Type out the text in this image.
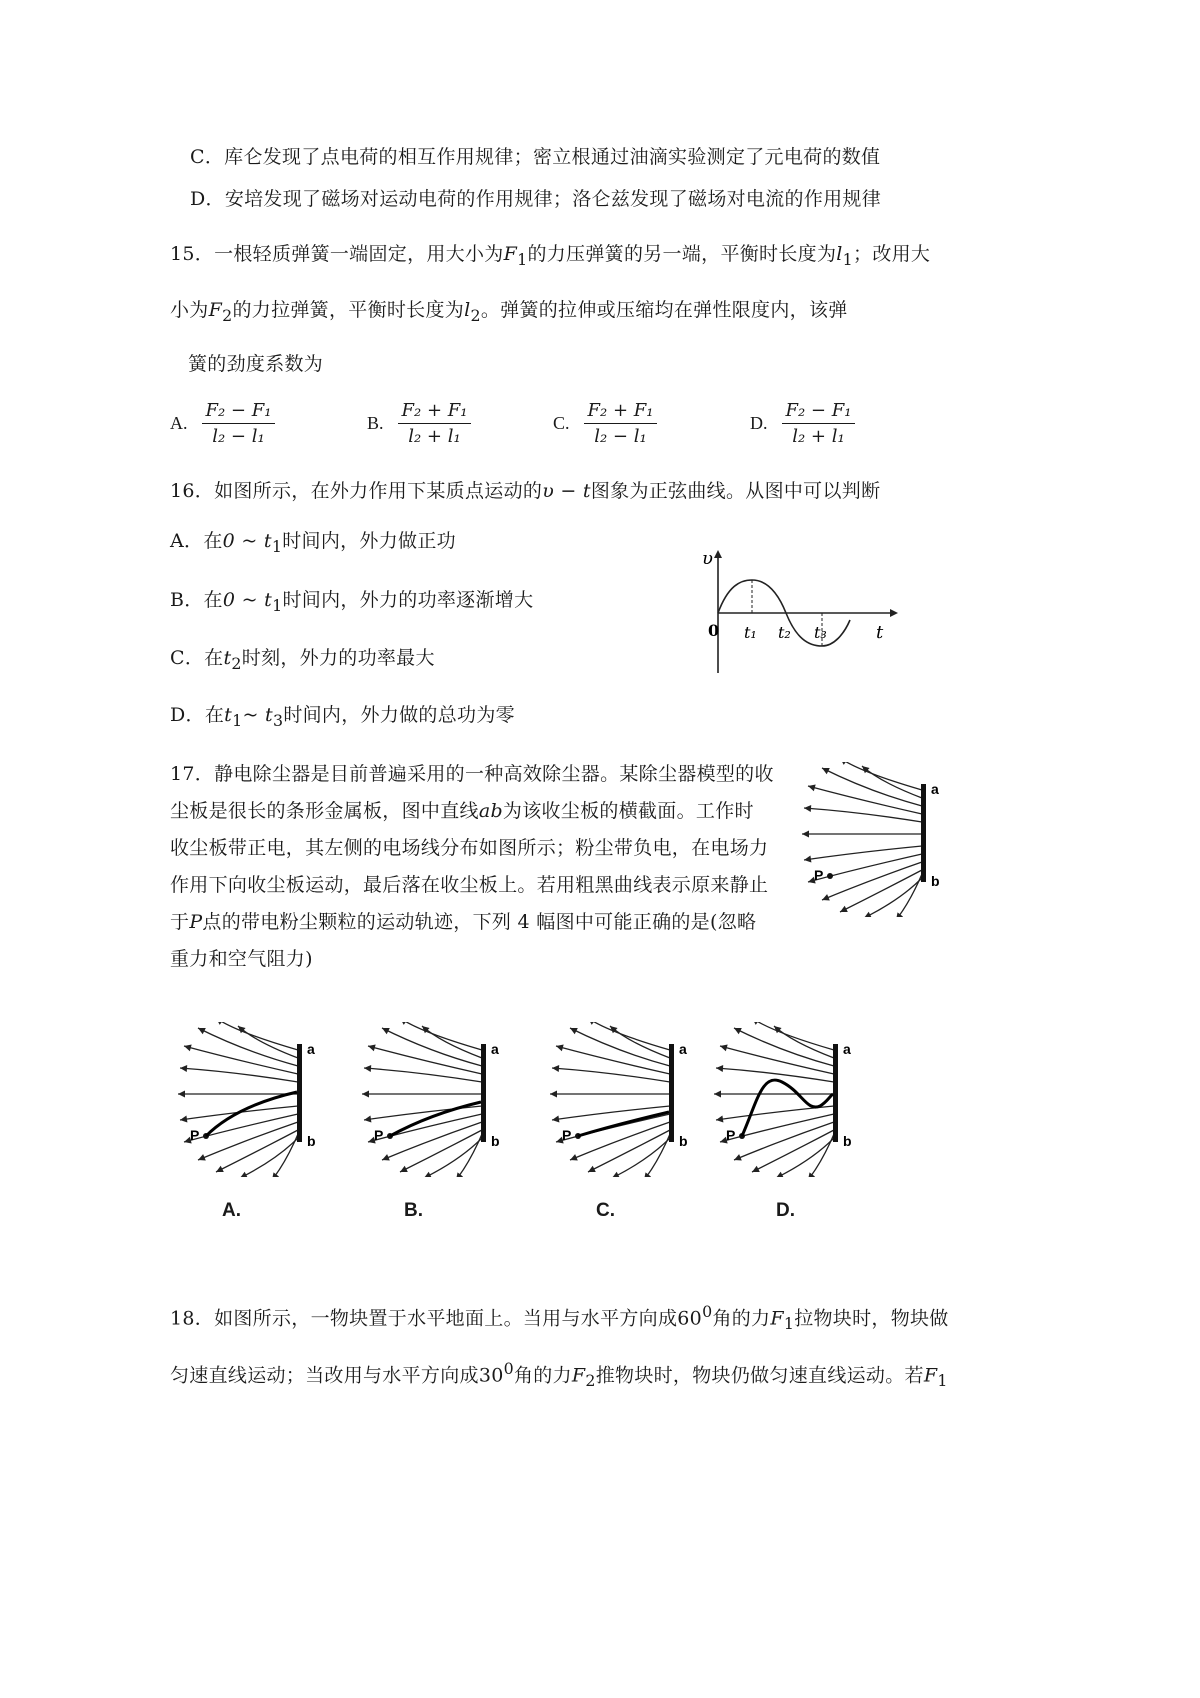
C．库仑发现了点电荷的相互作用规律；密立根通过油滴实验测定了元电荷的数值
D．安培发现了磁场对运动电荷的作用规律；洛仑兹发现了磁场对电流的作用规律
15．一根轻质弹簧一端固定，用大小为$F_1$的力压弹簧的另一端，平衡时长度为$l_1$；改用大
小为$F_2$的力拉弹簧，平衡时长度为$l_2$。弹簧的拉伸或压缩均在弹性限度内，该弹
簧的劲度系数为
A. $\frac{\text{F₂ − F₁}}{\text{l₂ − l₁}}$	B. $\frac{\text{F₂ + F₁}}{\text{l₂ + l₁}}$	C. $\frac{\text{F₂ + F₁}}{\text{l₂ − l₁}}$	D. $\frac{\text{F₂ − F₁}}{\text{l₂ + l₁}}$
16．如图所示，在外力作用下某质点运动的υ − t图象为正弦曲线。从图中可以判断
A．在0 ~ $t_1$时间内，外力做正功
B．在0 ~ $t_1$时间内，外力的功率逐渐增大
C．在$t_2$时刻，外力的功率最大
D．在$t_1\sim$ $t_3$时间内，外力做的总功为零
υ
0 t₁ t₂ t₃	t
17．静电除尘器是目前普遍采用的一种高效除尘器。某除尘器模型的收
尘板是很长的条形金属板，图中直线ab为该收尘板的横截面。工作时
收尘板带正电，其左侧的电场线分布如图所示；粉尘带负电，在电场力
作用下向收尘板运动，最后落在收尘板上。若用粗黑曲线表示原来静止
于P点的带电粉尘颗粒的运动轨迹，下列 4 幅图中可能正确的是(忽略
重力和空气阻力)
a
b
P
a
b
P
a
b
P
a
b
P
a
b
P
A.	B.	C.	D.
18．如图所示，一物块置于水平地面上。当用与水平方向成$60^0$角的力$F_1$拉物块时，物块做
匀速直线运动；当改用与水平方向成$30^0$角的力$F_2$推物块时，物块仍做匀速直线运动。若$F_1$
